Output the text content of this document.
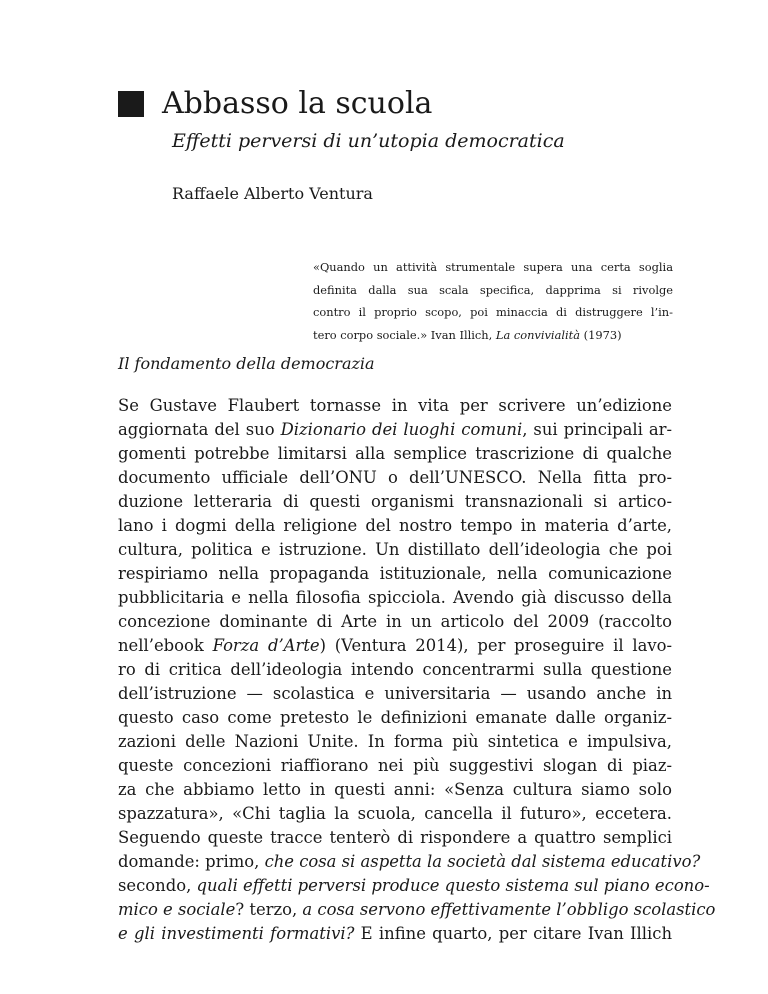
Abbasso la scuola
Effetti perversi di un’utopia democratica
Raffaele Alberto Ventura
«Quando un attività strumentale supera una certa soglia
definita dalla sua scala specifica, dapprima si rivolge
contro il proprio scopo, poi minaccia di distruggere l’in-
tero corpo sociale.» Ivan Illich, La convivialità (1973)
Il fondamento della democrazia
Se Gustave Flaubert tornasse in vita per scrivere un’edizione
aggiornata del suo Dizionario dei luoghi comuni, sui principali ar-
gomenti potrebbe limitarsi alla semplice trascrizione di qualche
documento ufficiale dell’ONU o dell’UNESCO. Nella fitta pro-
duzione letteraria di questi organismi transnazionali si artico-
lano i dogmi della religione del nostro tempo in materia d’arte,
cultura, politica e istruzione. Un distillato dell’ideologia che poi
respiriamo nella propaganda istituzionale, nella comunicazione
pubblicitaria e nella filosofia spicciola. Avendo già discusso della
concezione dominante di Arte in un articolo del 2009 (raccolto
nell’ebook Forza d’Arte) (Ventura 2014), per proseguire il lavo-
ro di critica dell’ideologia intendo concentrarmi sulla questione
dell’istruzione — scolastica e universitaria — usando anche in
questo caso come pretesto le definizioni emanate dalle organiz-
zazioni delle Nazioni Unite. In forma più sintetica e impulsiva,
queste concezioni riaffiorano nei più suggestivi slogan di piaz-
za che abbiamo letto in questi anni: «Senza cultura siamo solo
spazzatura», «Chi taglia la scuola, cancella il futuro», eccetera.
Seguendo queste tracce tenterò di rispondere a quattro semplici
domande: primo, che cosa si aspetta la società dal sistema educativo?
secondo, quali effetti perversi produce questo sistema sul piano econo-
mico e sociale? terzo, a cosa servono effettivamente l’obbligo scolastico
e gli investimenti formativi? E infine quarto, per citare Ivan Illich
